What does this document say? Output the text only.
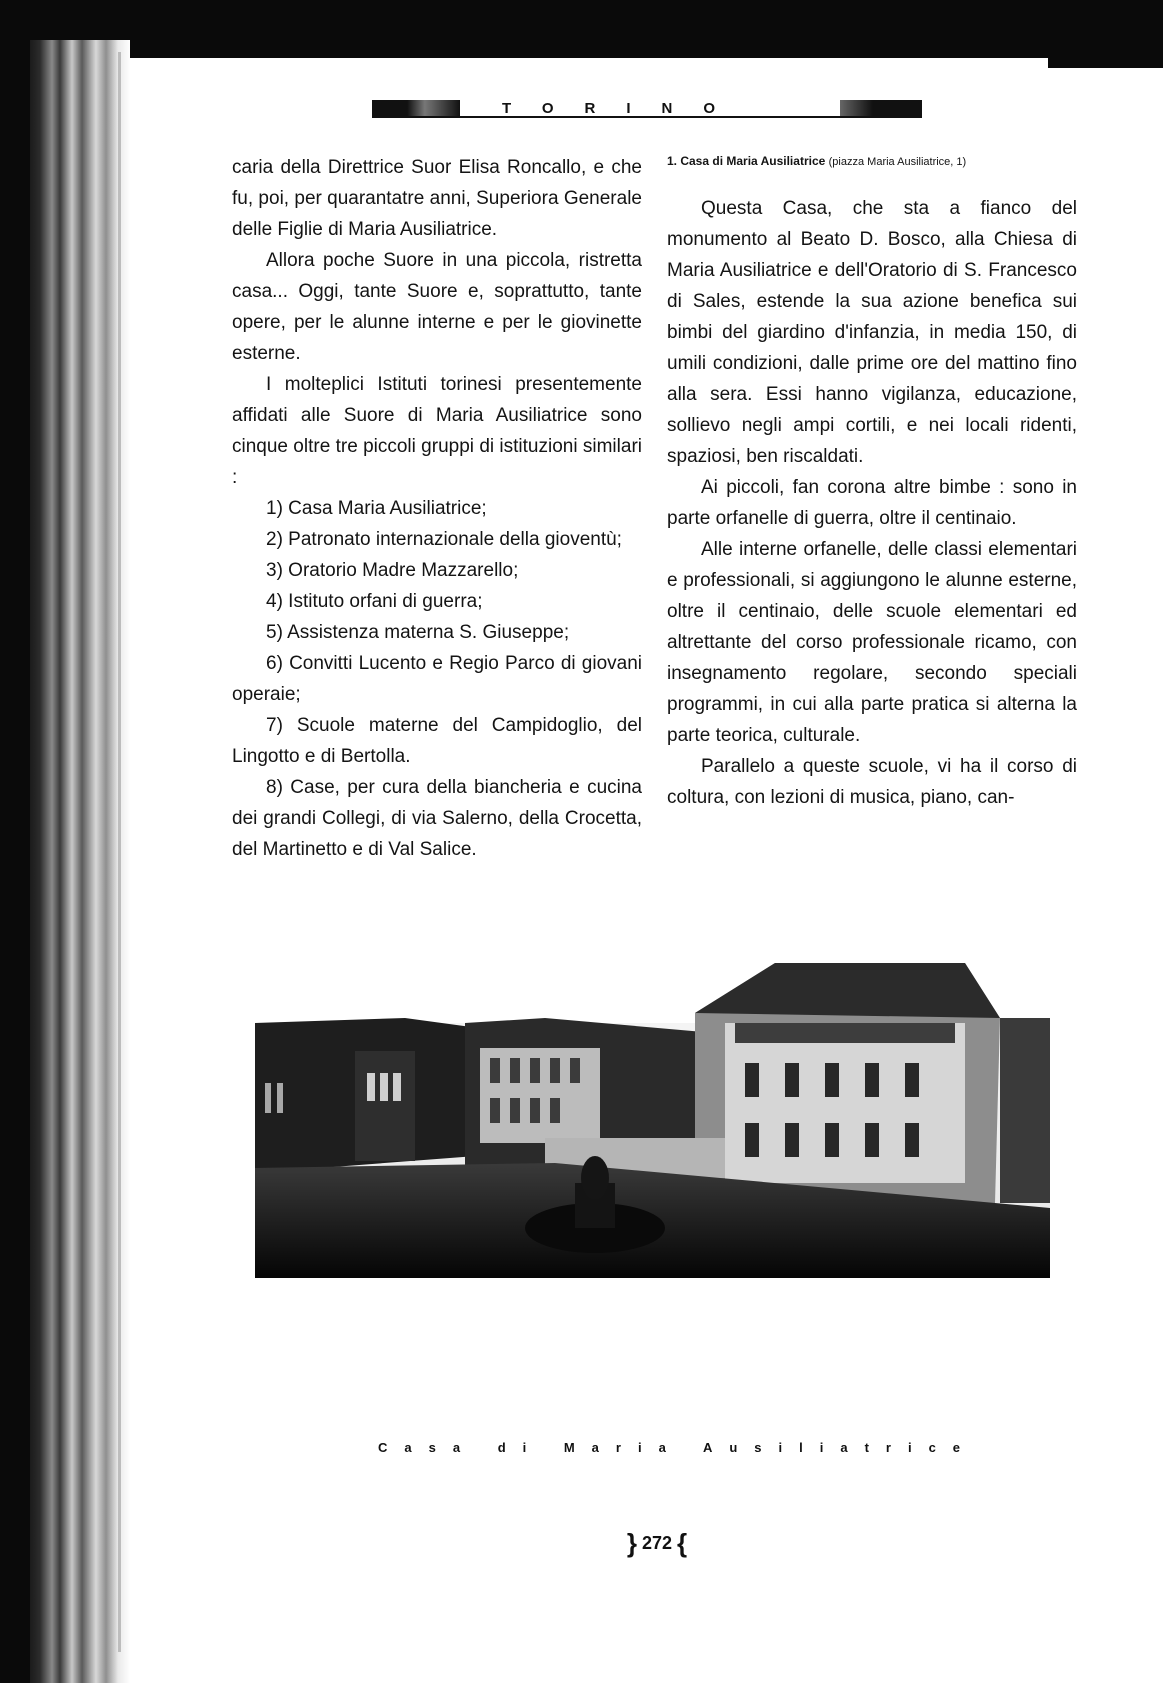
TORINO

caria della Direttrice Suor Elisa Roncallo, e che fu, poi, per quarantatre anni, Superiora Generale delle Figlie di Maria Ausiliatrice.

Allora poche Suore in una piccola, ristretta casa... Oggi, tante Suore e, soprattutto, tante opere, per le alunne interne e per le giovinette esterne.

I molteplici Istituti torinesi presentemente affidati alle Suore di Maria Ausiliatrice sono cinque oltre tre piccoli gruppi di istituzioni similari :

1) Casa Maria Ausiliatrice;

2) Patronato internazionale della gioventù;

3) Oratorio Madre Mazzarello;

4) Istituto orfani di guerra;

5) Assistenza materna S. Giuseppe;

6) Convitti Lucento e Regio Parco di giovani operaie;

7) Scuole materne del Campidoglio, del Lingotto e di Bertolla.

8) Case, per cura della biancheria e cucina dei grandi Collegi, di via Salerno, della Crocetta, del Martinetto e di Val Salice.

1. Casa di Maria Ausiliatrice (piazza Maria Ausiliatrice, 1)

Questa Casa, che sta a fianco del monumento al Beato D. Bosco, alla Chiesa di Maria Ausiliatrice e dell'Oratorio di S. Francesco di Sales, estende la sua azione benefica sui bimbi del giardino d'infanzia, in media 150, di umili condizioni, dalle prime ore del mattino fino alla sera. Essi hanno vigilanza, educazione, sollievo negli ampi cortili, e nei locali ridenti, spaziosi, ben riscaldati.

Ai piccoli, fan corona altre bimbe : sono in parte orfanelle di guerra, oltre il centinaio.

Alle interne orfanelle, delle classi elementari e professionali, si aggiungono le alunne esterne, oltre il centinaio, delle scuole elementari ed altrettante del corso professionale ricamo, con insegnamento regolare, secondo speciali programmi, in cui alla parte pratica si alterna la parte teorica, culturale.

Parallelo a queste scuole, vi ha il corso di coltura, con lezioni di musica, piano, can-

Casa di Maria Ausiliatrice
} 272 {
